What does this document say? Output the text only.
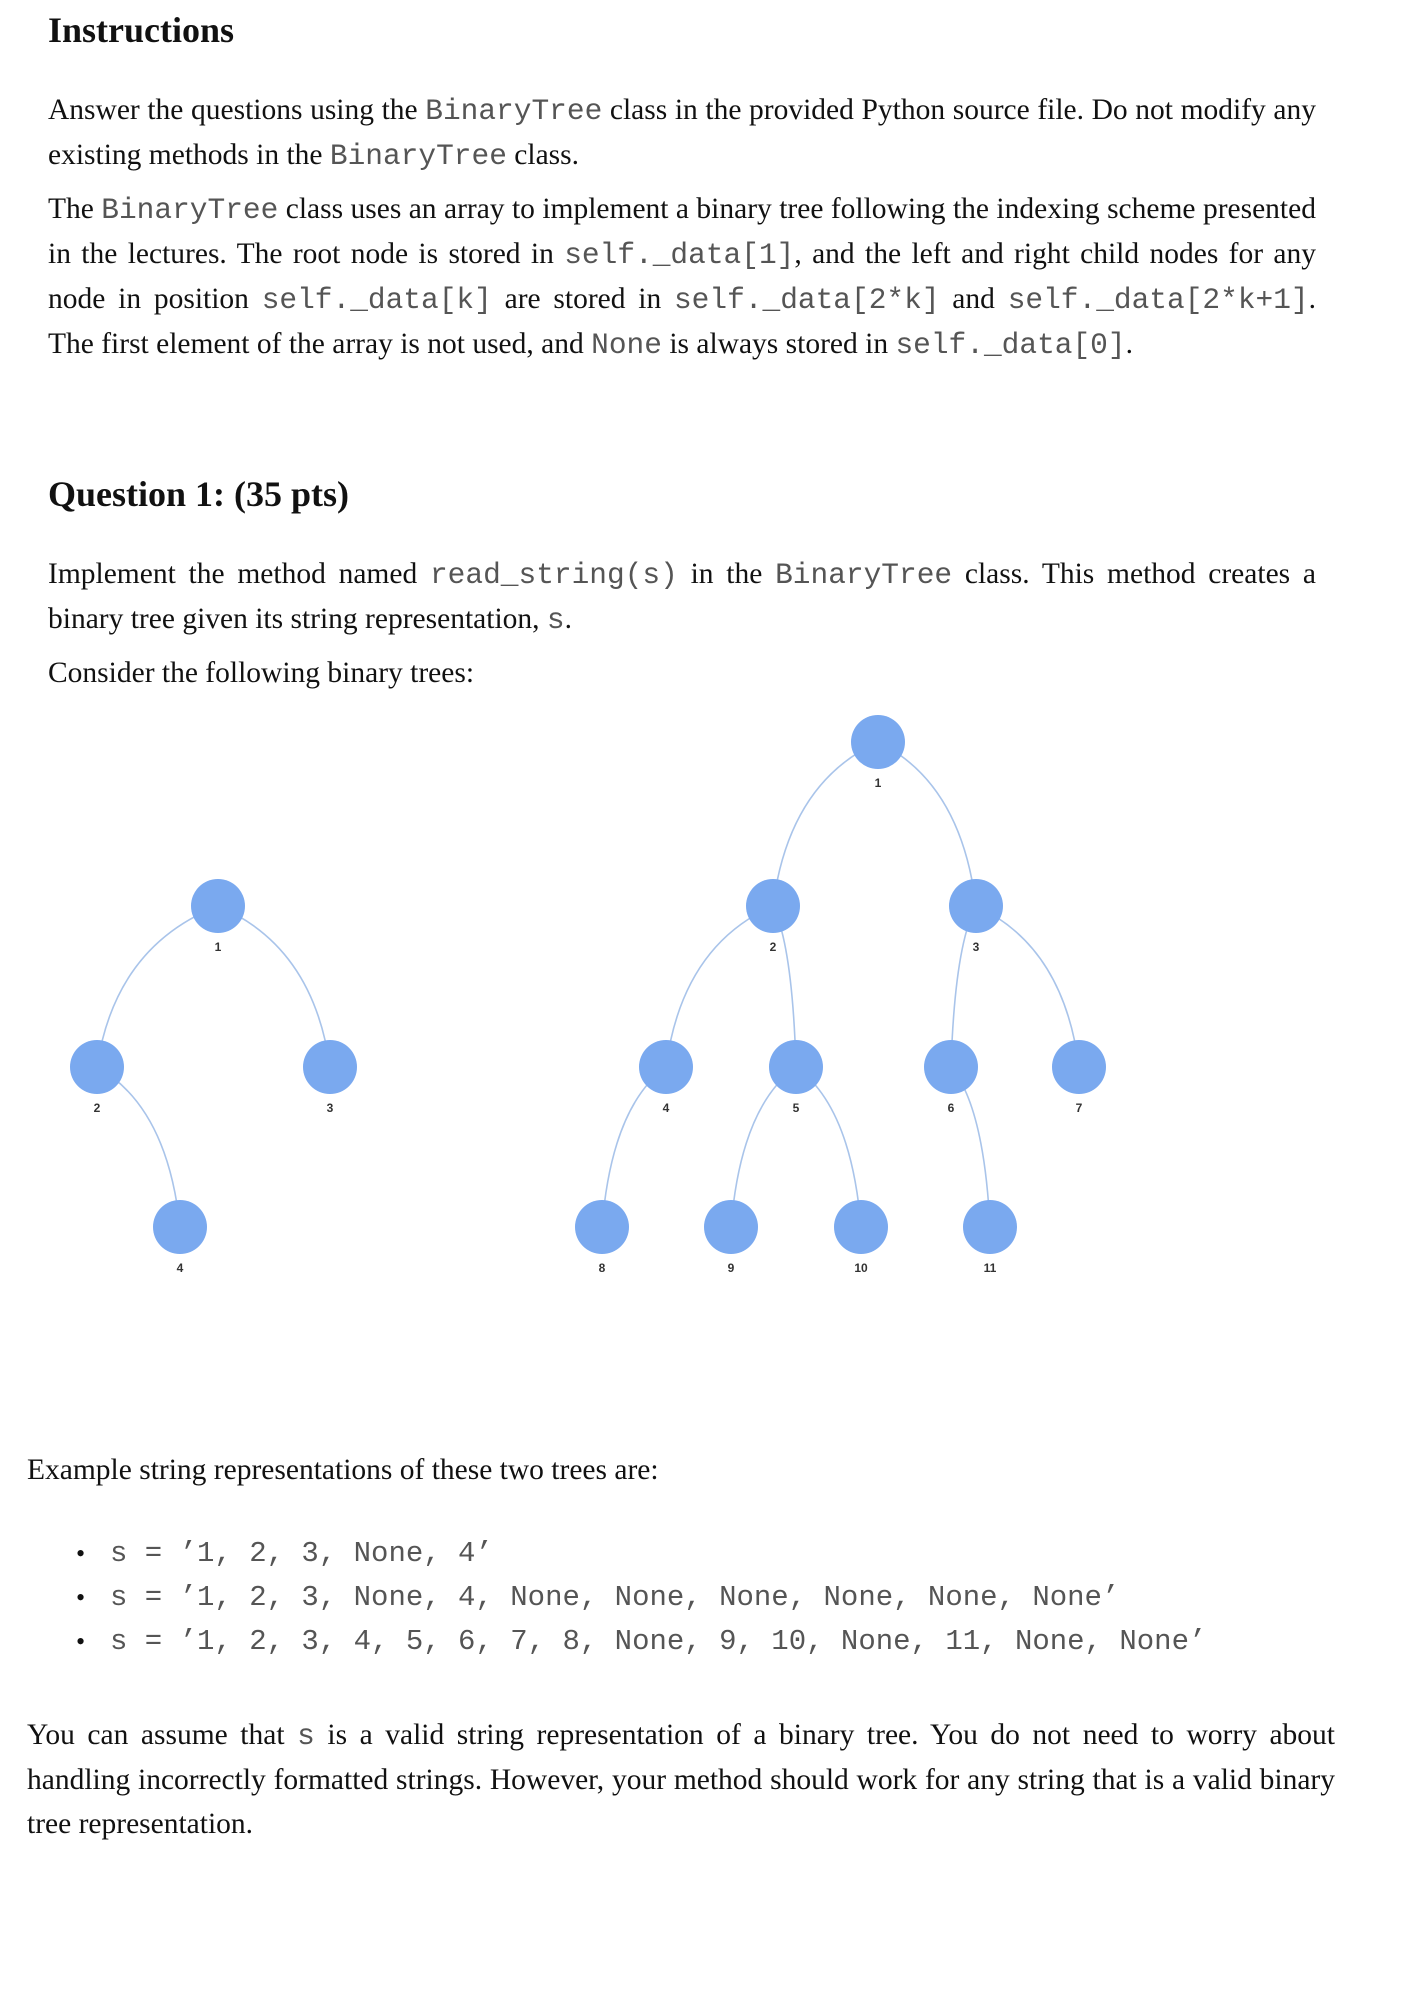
Instructions

Answer the questions using the BinaryTree class in the provided Python source file. Do not modify any existing methods in the BinaryTree class.

The BinaryTree class uses an array to implement a binary tree following the indexing scheme presented in the lectures. The root node is stored in self._data[1], and the left and right child nodes for any node in position self._data[k] are stored in self._data[2*k] and self._data[2*k+1]. The first element of the array is not used, and None is always stored in self._data[0].

Question 1: (35 pts)

Implement the method named read_string(s) in the BinaryTree class. This method creates a binary tree given its string representation, s.

Consider the following binary trees:

1
2	3
4
1
2	3
4	5	6	7
8	9	10	11

Example string representations of these two trees are:

• s = ’1, 2, 3, None, 4’
• s = ’1, 2, 3, None, 4, None, None, None, None, None, None’
• s = ’1, 2, 3, 4, 5, 6, 7, 8, None, 9, 10, None, 11, None, None’

You can assume that s is a valid string representation of a binary tree. You do not need to worry about handling incorrectly formatted strings. However, your method should work for any string that is a valid binary tree representation.
